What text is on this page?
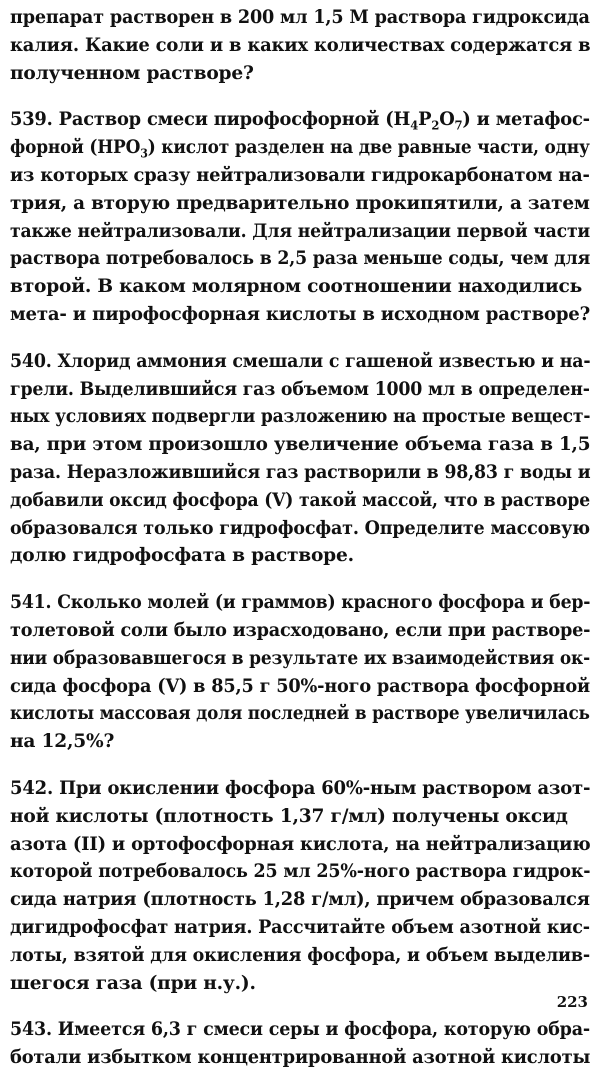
препарат растворен в 200 мл 1,5 М раствора гидроксида
калия. Какие соли и в каких количествах содержатся в
полученном растворе?

539. Раствор смеси пирофосфорной $(H_4P_2O_7)$ и метафос-
форной $(HPO_3)$ кислот разделен на две равные части, одну
из которых сразу нейтрализовали гидрокарбонатом на-
трия, а вторую предварительно прокипятили, а затем
также нейтрализовали. Для нейтрализации первой части
раствора потребовалось в 2,5 раза меньше соды, чем для
второй. В каком молярном соотношении находились
мета- и пирофосфорная кислоты в исходном растворе?

540. Хлорид аммония смешали с гашеной известью и на-
грели. Выделившийся газ объемом 1000 мл в определен-
ных условиях подвергли разложению на простые вещест-
ва, при этом произошло увеличение объема газа в 1,5
раза. Неразложившийся газ растворили в 98,83 г воды и
добавили оксид фосфора (V) такой массой, что в растворе
образовался только гидрофосфат. Определите массовую
долю гидрофосфата в растворе.

541. Сколько молей (и граммов) красного фосфора и бер-
толетовой соли было израсходовано, если при растворе-
нии образовавшегося в результате их взаимодействия ок-
сида фосфора (V) в 85,5 г 50%-ного раствора фосфорной
кислоты массовая доля последней в растворе увеличилась
на 12,5%?

542. При окислении фосфора 60%-ным раствором азот-
ной кислоты (плотность 1,37 г/мл) получены оксид
азота (II) и ортофосфорная кислота, на нейтрализацию
которой потребовалось 25 мл 25%-ного раствора гидрок-
сида натрия (плотность 1,28 г/мл), причем образовался
дигидрофосфат натрия. Рассчитайте объем азотной кис-
лоты, взятой для окисления фосфора, и объем выделив-
шегося газа (при н.у.).

543. Имеется 6,3 г смеси серы и фосфора, которую обра-
ботали избытком концентрированной азотной кислоты

223
